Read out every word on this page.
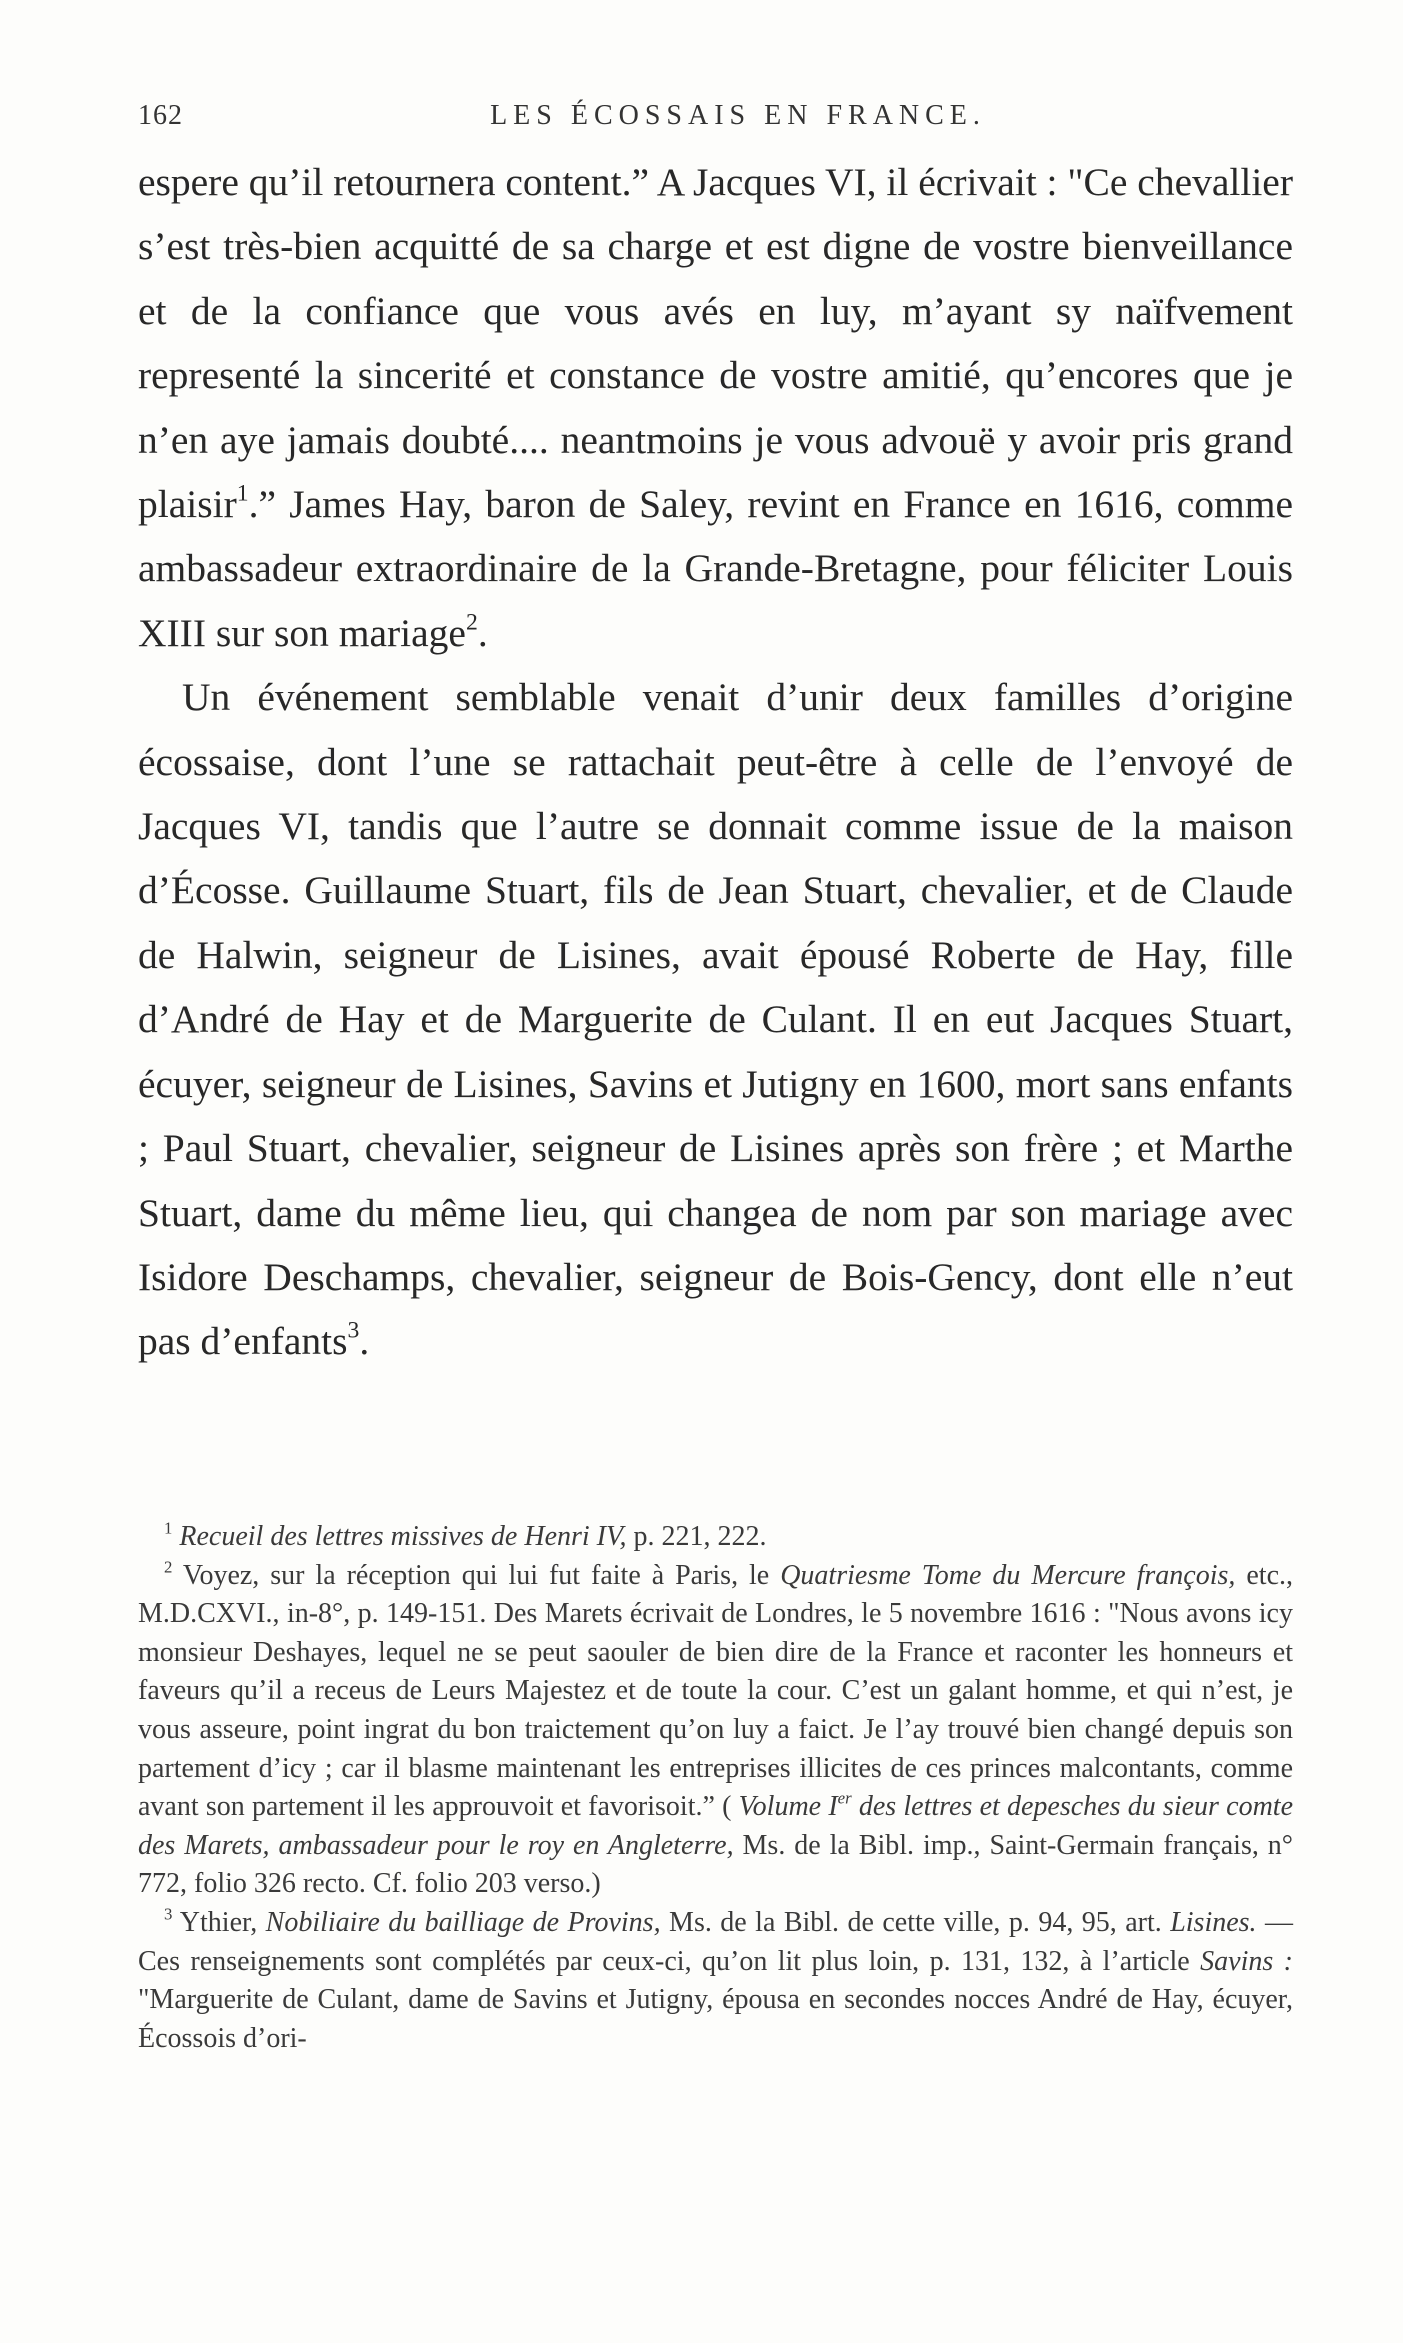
162	LES ÉCOSSAIS EN FRANCE.

espere qu’il retournera content.” A Jacques VI, il écrivait : "Ce chevallier s’est très-bien acquitté de sa charge et est digne de vostre bienveillance et de la confiance que vous avés en luy, m’ayant sy naïfvement representé la sincerité et constance de vostre amitié, qu’encores que je n’en aye jamais doubté.... neantmoins je vous advouë y avoir pris grand plaisir$^1$.” James Hay, baron de Saley, revint en France en 1616, comme ambassadeur extraordinaire de la Grande-Bretagne, pour féliciter Louis XIII sur son mariage$^2$.

Un événement semblable venait d’unir deux familles d’origine écossaise, dont l’une se rattachait peut-être à celle de l’envoyé de Jacques VI, tandis que l’autre se donnait comme issue de la maison d’Écosse. Guillaume Stuart, fils de Jean Stuart, chevalier, et de Claude de Halwin, seigneur de Lisines, avait épousé Roberte de Hay, fille d’André de Hay et de Marguerite de Culant. Il en eut Jacques Stuart, écuyer, seigneur de Lisines, Savins et Jutigny en 1600, mort sans enfants ; Paul Stuart, chevalier, seigneur de Lisines après son frère ; et Marthe Stuart, dame du même lieu, qui changea de nom par son mariage avec Isidore Deschamps, chevalier, seigneur de Bois-Gency, dont elle n’eut pas d’enfants$^3$.

$^1$ Recueil des lettres missives de Henri IV, p. 221, 222.

$^2$ Voyez, sur la réception qui lui fut faite à Paris, le Quatriesme Tome du Mercure françois, etc., M.D.CXVI., in-8°, p. 149-151. Des Marets écrivait de Londres, le 5 novembre 1616 : "Nous avons icy monsieur Deshayes, lequel ne se peut saouler de bien dire de la France et raconter les honneurs et faveurs qu’il a receus de Leurs Majestez et de toute la cour. C’est un galant homme, et qui n’est, je vous asseure, point ingrat du bon traictement qu’on luy a faict. Je l’ay trouvé bien changé depuis son partement d’icy ; car il blasme maintenant les entreprises illicites de ces princes malcontants, comme avant son partement il les approuvoit et favorisoit.” ( Volume Ier des lettres et depesches du sieur comte des Marets, ambassadeur pour le roy en Angleterre, Ms. de la Bibl. imp., Saint-Germain français, n° 772, folio 326 recto. Cf. folio 203 verso.)

$^3$ Ythier, Nobiliaire du bailliage de Provins, Ms. de la Bibl. de cette ville, p. 94, 95, art. Lisines. — Ces renseignements sont complétés par ceux-ci, qu’on lit plus loin, p. 131, 132, à l’article Savins : "Marguerite de Culant, dame de Savins et Jutigny, épousa en secondes nocces André de Hay, écuyer, Écossois d’ori-
